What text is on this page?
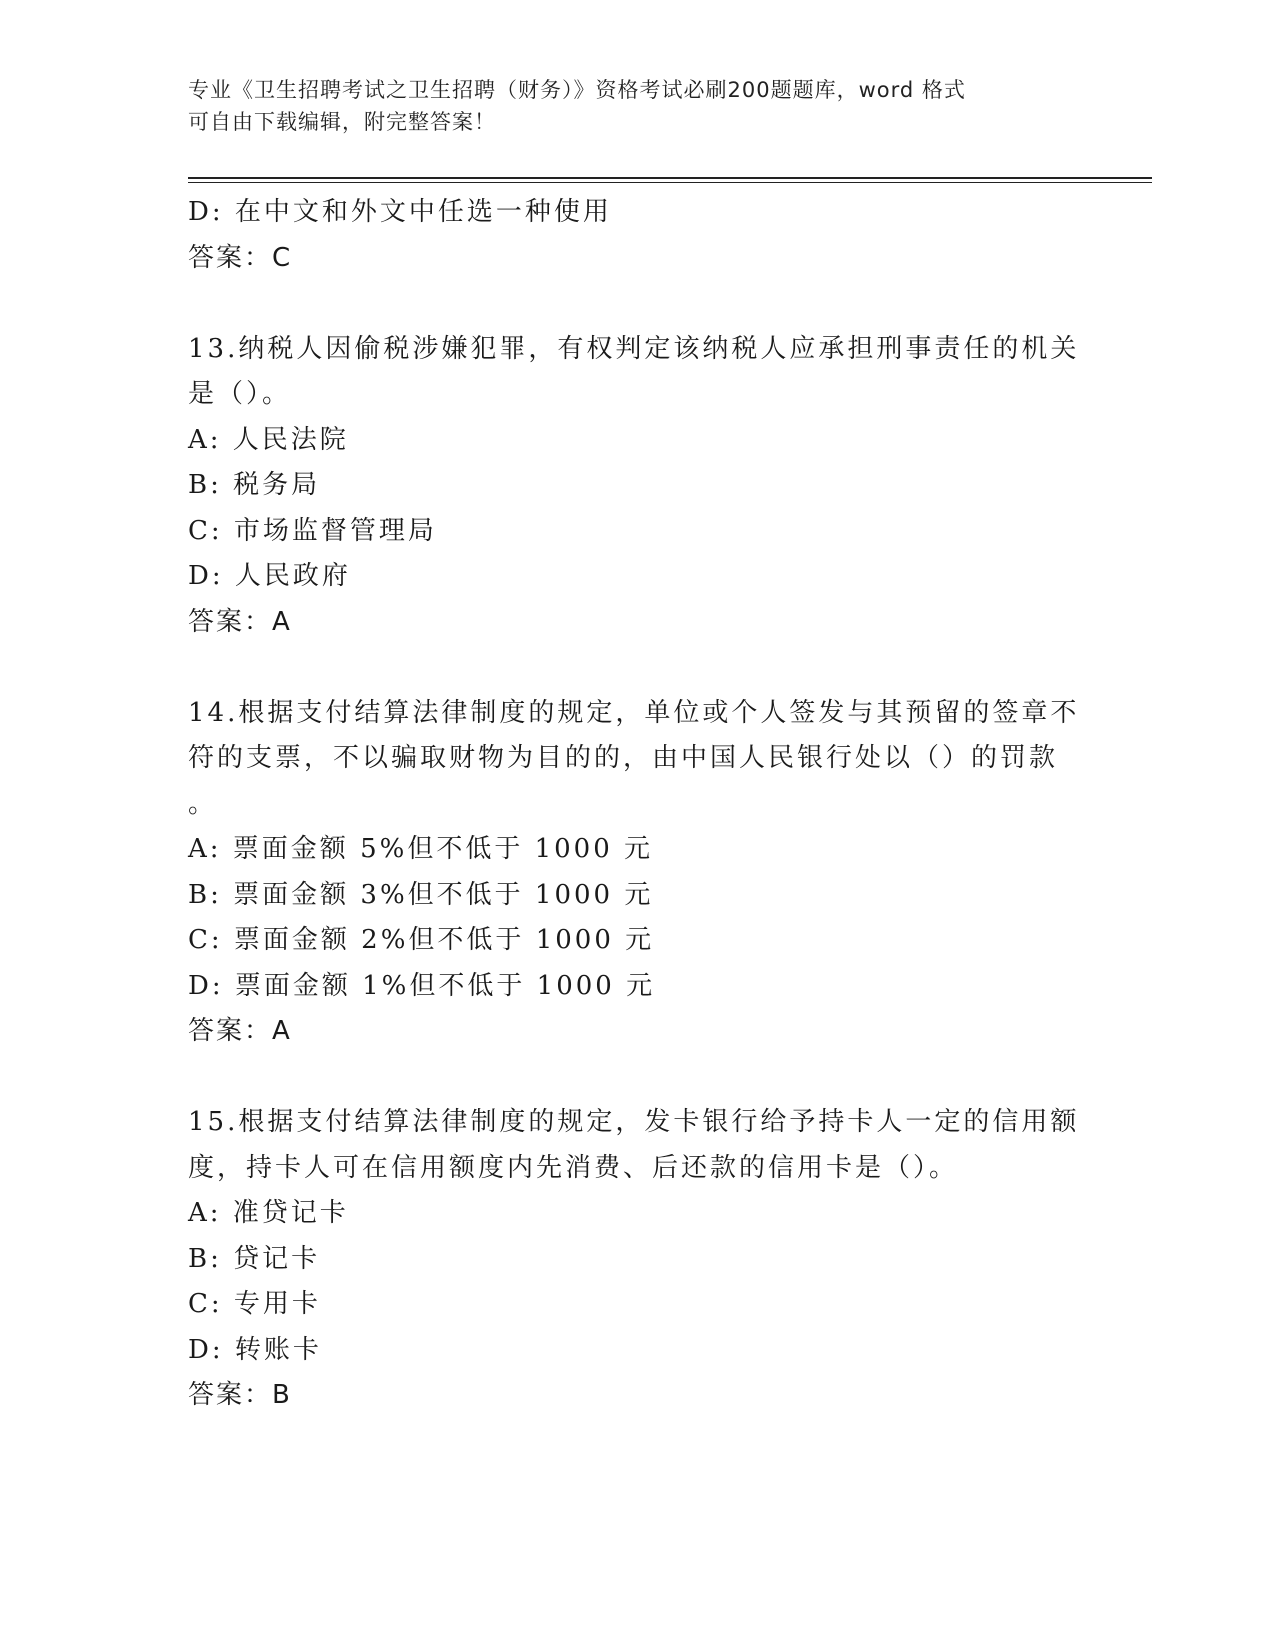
专业《卫生招聘考试之卫生招聘（财务）》资格考试必刷200题题库，word 格式

可自由下载编辑，附完整答案！

D: 在中文和外文中任选一种使用
答案：C
13.纳税人因偷税涉嫌犯罪，有权判定该纳税人应承担刑事责任的机关
是（）。
A: 人民法院
B: 税务局
C: 市场监督管理局
D: 人民政府
答案：A
14.根据支付结算法律制度的规定，单位或个人签发与其预留的签章不
符的支票，不以骗取财物为目的的，由中国人民银行处以（）的罚款
。
A: 票面金额 5%但不低于 1000 元
B: 票面金额 3%但不低于 1000 元
C: 票面金额 2%但不低于 1000 元
D: 票面金额 1%但不低于 1000 元
答案：A
15.根据支付结算法律制度的规定，发卡银行给予持卡人一定的信用额
度，持卡人可在信用额度内先消费、后还款的信用卡是（）。
A: 准贷记卡
B: 贷记卡
C: 专用卡
D: 转账卡
答案：B
